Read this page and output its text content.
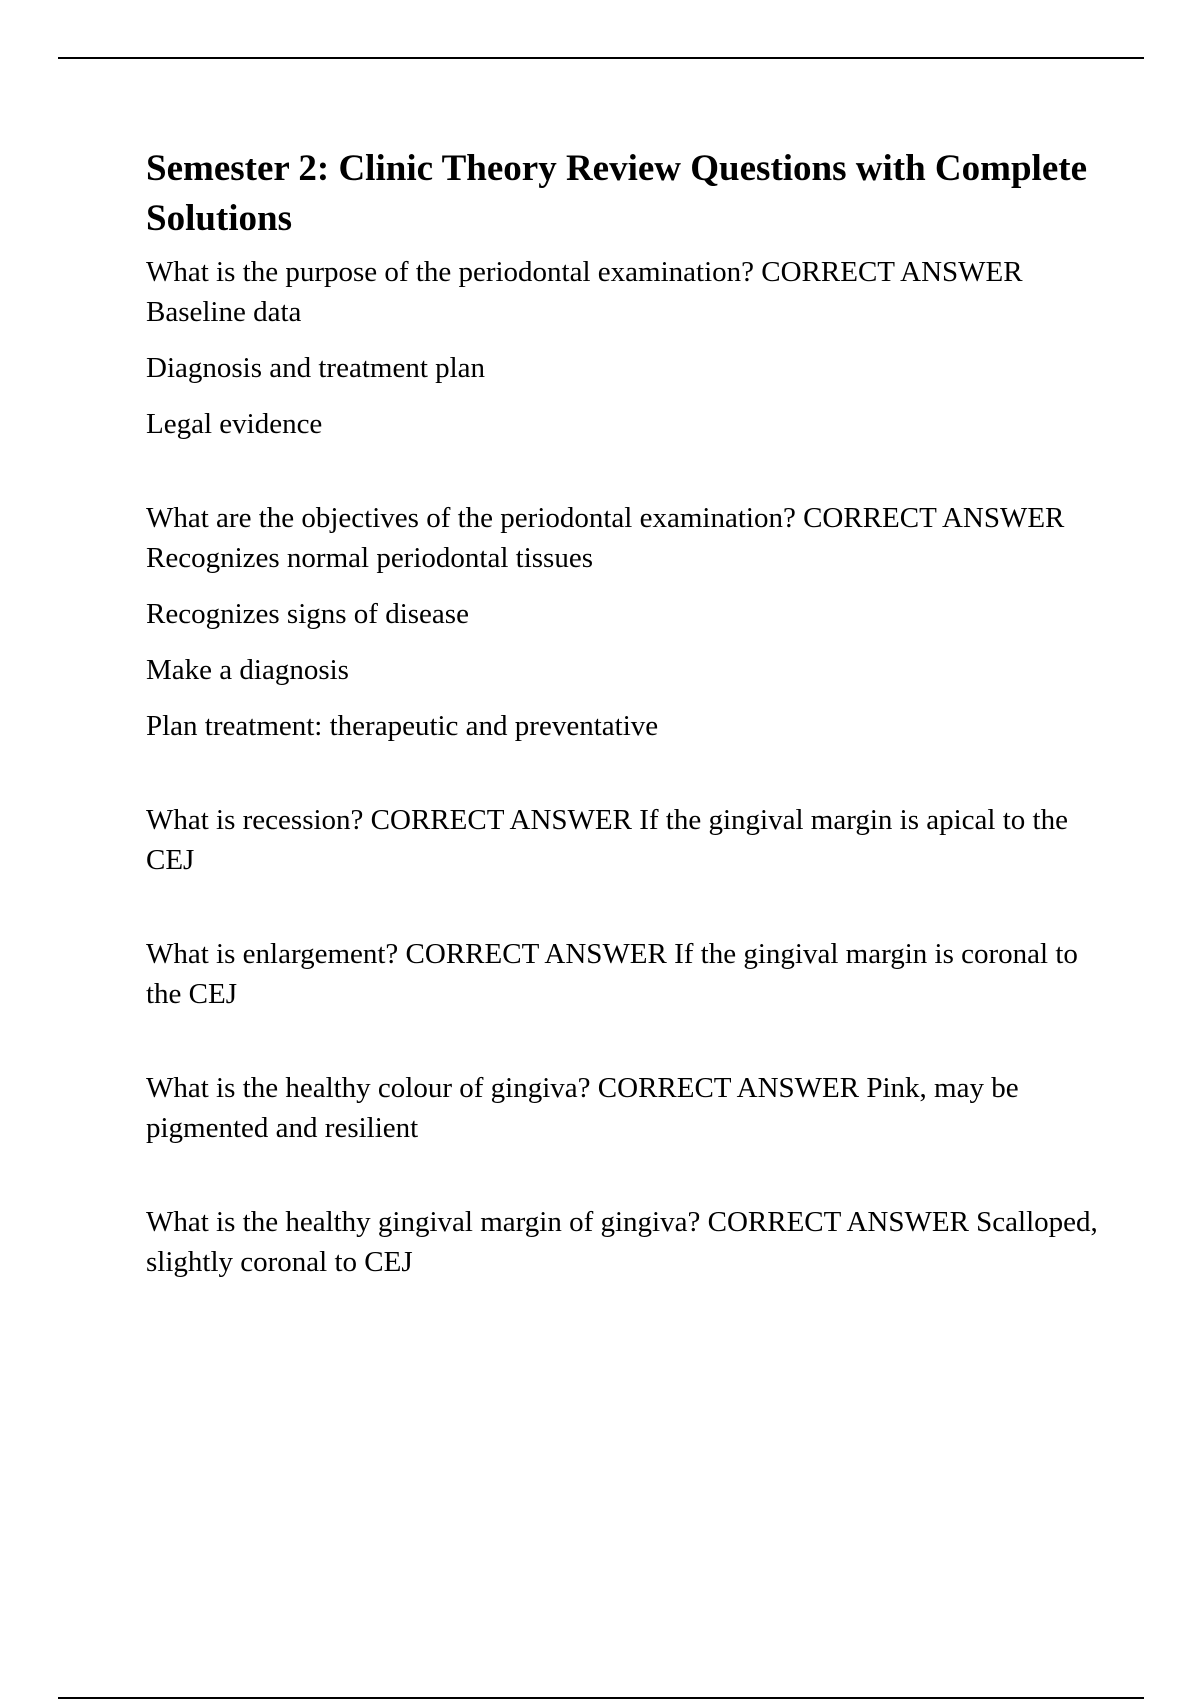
Semester 2: Clinic Theory Review Questions with Complete Solutions

What is the purpose of the periodontal examination? CORRECT ANSWER Baseline data

Diagnosis and treatment plan

Legal evidence

What are the objectives of the periodontal examination? CORRECT ANSWER Recognizes normal periodontal tissues

Recognizes signs of disease

Make a diagnosis

Plan treatment: therapeutic and preventative

What is recession? CORRECT ANSWER If the gingival margin is apical to the CEJ

What is enlargement? CORRECT ANSWER If the gingival margin is coronal to the CEJ

What is the healthy colour of gingiva? CORRECT ANSWER Pink, may be pigmented and resilient

What is the healthy gingival margin of gingiva? CORRECT ANSWER Scalloped, slightly coronal to CEJ
